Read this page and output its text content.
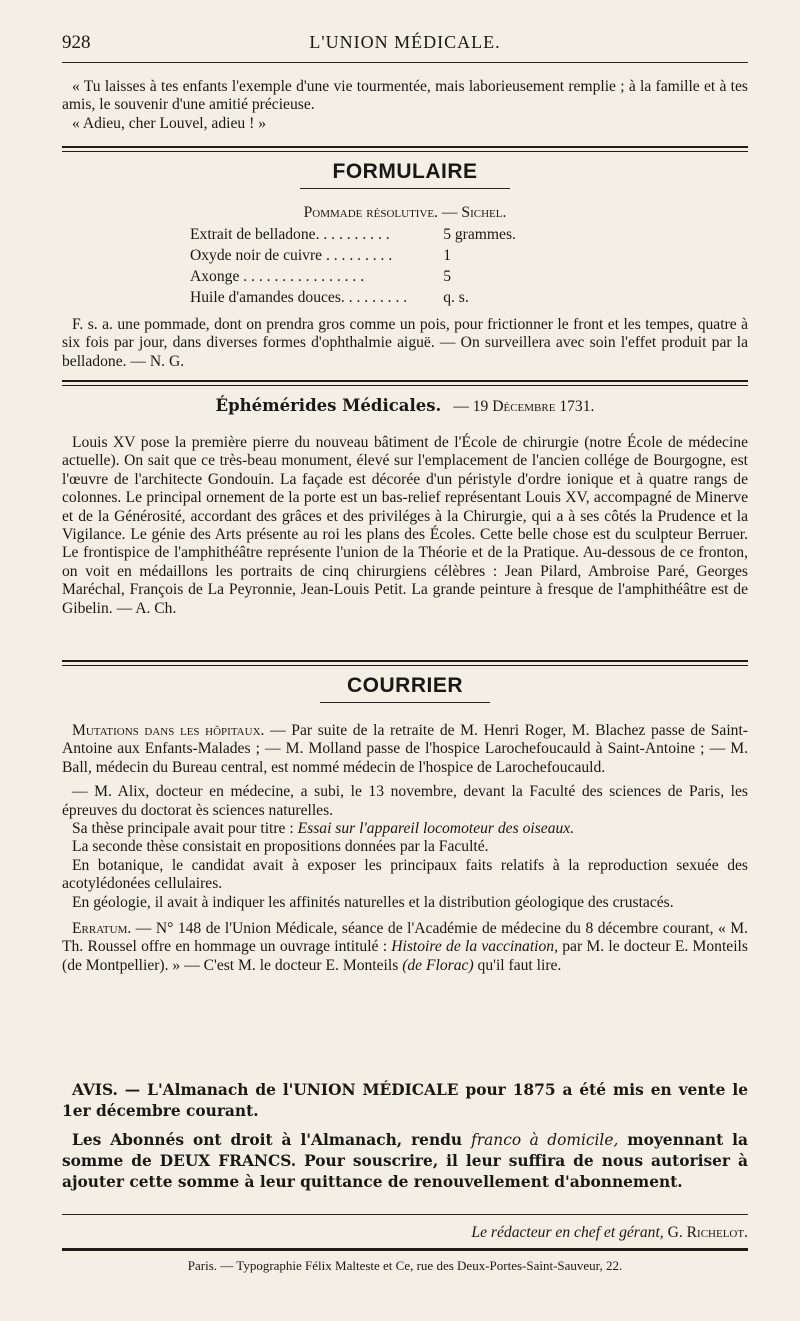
928	L'UNION MÉDICALE.

« Tu laisses à tes enfants l'exemple d'une vie tourmentée, mais laborieusement remplie ; à la famille et à tes amis, le souvenir d'une amitié précieuse.

« Adieu, cher Louvel, adieu ! »

FORMULAIRE
Pommade résolutive. — Sichel.
Extrait de belladone. . . . . . . . . .	5 grammes.
Oxyde noir de cuivre . . . . . . . . .	1
Axonge . . . . . . . . . . . . . . . .	5
Huile d'amandes douces. . . . . . . . .	q. s.

F. s. a. une pommade, dont on prendra gros comme un pois, pour frictionner le front et les tempes, quatre à six fois par jour, dans diverses formes d'ophthalmie aiguë. — On surveillera avec soin l'effet produit par la belladone. — N. G.

Éphémérides Médicales. — 19 Décembre 1731.

Louis XV pose la première pierre du nouveau bâtiment de l'École de chirurgie (notre École de médecine actuelle). On sait que ce très-beau monument, élevé sur l'emplacement de l'ancien collége de Bourgogne, est l'œuvre de l'architecte Gondouin. La façade est décorée d'un péristyle d'ordre ionique et à quatre rangs de colonnes. Le principal ornement de la porte est un bas-relief représentant Louis XV, accompagné de Minerve et de la Générosité, accordant des grâces et des priviléges à la Chirurgie, qui a à ses côtés la Prudence et la Vigilance. Le génie des Arts présente au roi les plans des Écoles. Cette belle chose est du sculpteur Berruer. Le frontispice de l'amphithéâtre représente l'union de la Théorie et de la Pratique. Au-dessous de ce fronton, on voit en médaillons les portraits de cinq chirurgiens célèbres : Jean Pilard, Ambroise Paré, Georges Maréchal, François de La Peyronnie, Jean-Louis Petit. La grande peinture à fresque de l'amphithéâtre est de Gibelin. — A. Ch.

COURRIER

Mutations dans les hôpitaux. — Par suite de la retraite de M. Henri Roger, M. Blachez passe de Saint-Antoine aux Enfants-Malades ; — M. Molland passe de l'hospice Larochefoucauld à Saint-Antoine ; — M. Ball, médecin du Bureau central, est nommé médecin de l'hospice de Larochefoucauld.

— M. Alix, docteur en médecine, a subi, le 13 novembre, devant la Faculté des sciences de Paris, les épreuves du doctorat ès sciences naturelles.

Sa thèse principale avait pour titre : Essai sur l'appareil locomoteur des oiseaux.

La seconde thèse consistait en propositions données par la Faculté.

En botanique, le candidat avait à exposer les principaux faits relatifs à la reproduction sexuée des acotylédonées cellulaires.

En géologie, il avait à indiquer les affinités naturelles et la distribution géologique des crustacés.

Erratum. — N° 148 de l'Union Médicale, séance de l'Académie de médecine du 8 décembre courant, « M. Th. Roussel offre en hommage un ouvrage intitulé : Histoire de la vaccination, par M. le docteur E. Monteils (de Montpellier). » — C'est M. le docteur E. Monteils (de Florac) qu'il faut lire.

AVIS. — L'Almanach de l'UNION MÉDICALE pour 1875 a été mis en vente le 1er décembre courant.

Les Abonnés ont droit à l'Almanach, rendu franco à domicile, moyennant la somme de DEUX FRANCS. Pour souscrire, il leur suffira de nous autoriser à ajouter cette somme à leur quittance de renouvellement d'abonnement.

Le rédacteur en chef et gérant, G. Richelot.
Paris. — Typographie Félix Malteste et Ce, rue des Deux-Portes-Saint-Sauveur, 22.
